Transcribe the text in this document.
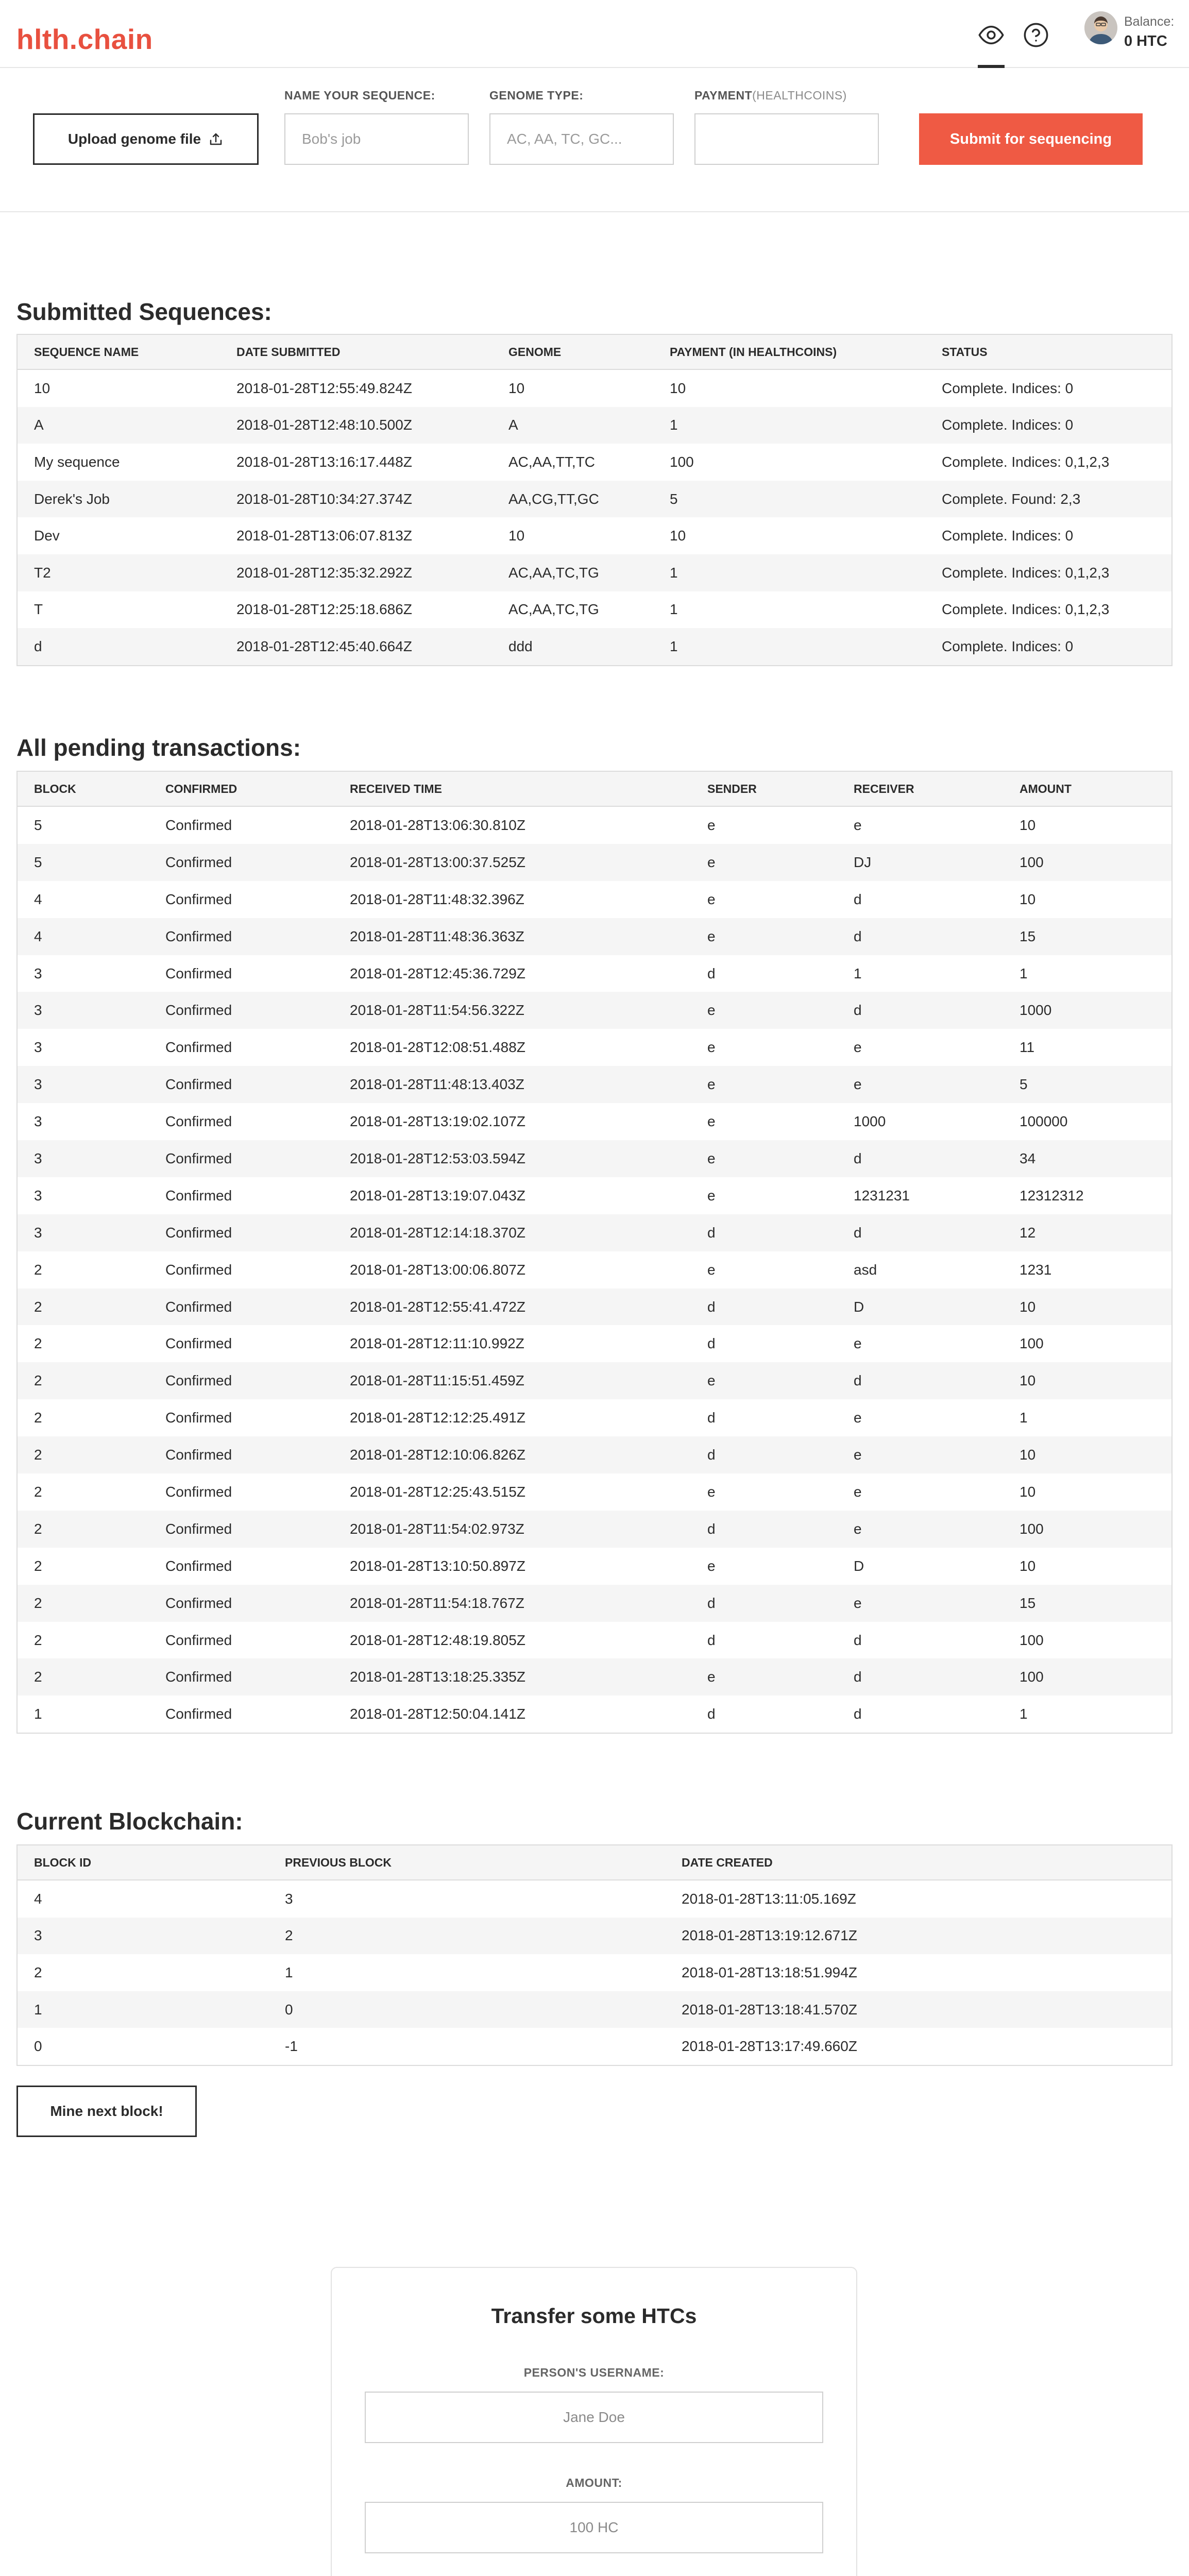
hlth.chain
Balance:
0 HTC
Upload genome file
NAME YOUR SEQUENCE:
Bob's job	GENOME TYPE:
AC, AA, TC, GC...	PAYMENT(HEALTHCOINS)
Submit for sequencing
Submitted Sequences:
SEQUENCE NAME	DATE SUBMITTED	GENOME	PAYMENT (IN HEALTHCOINS)	STATUS
10	2018-01-28T12:55:49.824Z	10	10	Complete. Indices: 0
A	2018-01-28T12:48:10.500Z	A	1	Complete. Indices: 0
My sequence	2018-01-28T13:16:17.448Z	AC,AA,TT,TC	100	Complete. Indices: 0,1,2,3
Derek's Job	2018-01-28T10:34:27.374Z	AA,CG,TT,GC	5	Complete. Found: 2,3
Dev	2018-01-28T13:06:07.813Z	10	10	Complete. Indices: 0
T2	2018-01-28T12:35:32.292Z	AC,AA,TC,TG	1	Complete. Indices: 0,1,2,3
T	2018-01-28T12:25:18.686Z	AC,AA,TC,TG	1	Complete. Indices: 0,1,2,3
d	2018-01-28T12:45:40.664Z	ddd	1	Complete. Indices: 0
All pending transactions:
BLOCK	CONFIRMED	RECEIVED TIME	SENDER	RECEIVER	AMOUNT
5	Confirmed	2018-01-28T13:06:30.810Z	e	e	10
5	Confirmed	2018-01-28T13:00:37.525Z	e	DJ	100
4	Confirmed	2018-01-28T11:48:32.396Z	e	d	10
4	Confirmed	2018-01-28T11:48:36.363Z	e	d	15
3	Confirmed	2018-01-28T12:45:36.729Z	d	1	1
3	Confirmed	2018-01-28T11:54:56.322Z	e	d	1000
3	Confirmed	2018-01-28T12:08:51.488Z	e	e	11
3	Confirmed	2018-01-28T11:48:13.403Z	e	e	5
3	Confirmed	2018-01-28T13:19:02.107Z	e	1000	100000
3	Confirmed	2018-01-28T12:53:03.594Z	e	d	34
3	Confirmed	2018-01-28T13:19:07.043Z	e	1231231	12312312
3	Confirmed	2018-01-28T12:14:18.370Z	d	d	12
2	Confirmed	2018-01-28T13:00:06.807Z	e	asd	1231
2	Confirmed	2018-01-28T12:55:41.472Z	d	D	10
2	Confirmed	2018-01-28T12:11:10.992Z	d	e	100
2	Confirmed	2018-01-28T11:15:51.459Z	e	d	10
2	Confirmed	2018-01-28T12:12:25.491Z	d	e	1
2	Confirmed	2018-01-28T12:10:06.826Z	d	e	10
2	Confirmed	2018-01-28T12:25:43.515Z	e	e	10
2	Confirmed	2018-01-28T11:54:02.973Z	d	e	100
2	Confirmed	2018-01-28T13:10:50.897Z	e	D	10
2	Confirmed	2018-01-28T11:54:18.767Z	d	e	15
2	Confirmed	2018-01-28T12:48:19.805Z	d	d	100
2	Confirmed	2018-01-28T13:18:25.335Z	e	d	100
1	Confirmed	2018-01-28T12:50:04.141Z	d	d	1
Current Blockchain:
BLOCK ID	PREVIOUS BLOCK	DATE CREATED
4	3	2018-01-28T13:11:05.169Z
3	2	2018-01-28T13:19:12.671Z
2	1	2018-01-28T13:18:51.994Z
1	0	2018-01-28T13:18:41.570Z
0	-1	2018-01-28T13:17:49.660Z
Mine next block!
Transfer some HTCs
PERSON'S USERNAME:
Jane Doe
AMOUNT:
100 HC
